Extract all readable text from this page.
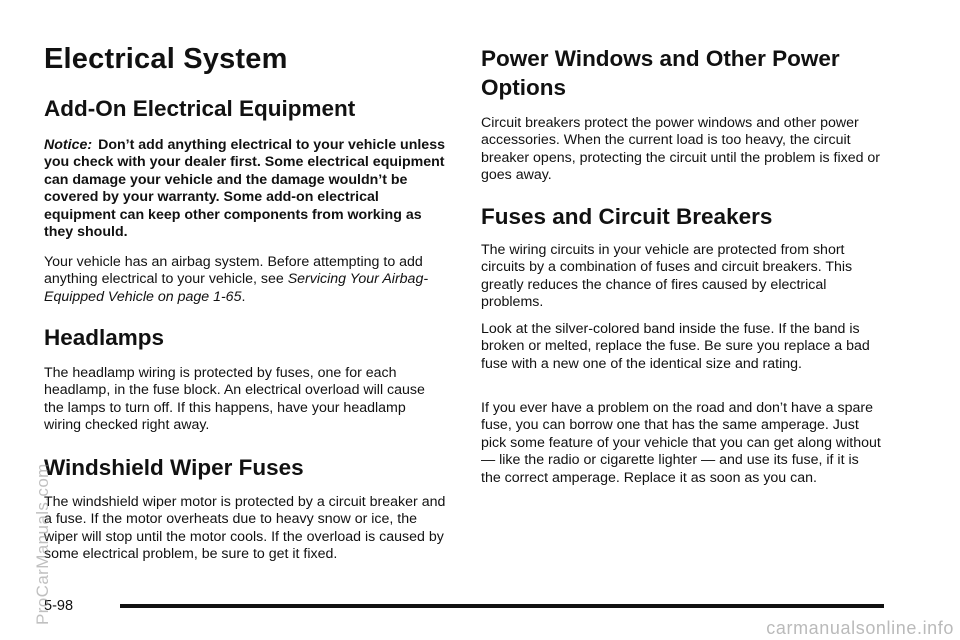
Electrical System
Add-On Electrical Equipment

Notice: Don’t add anything electrical to your vehicle unless you check with your dealer first. Some electrical equipment can damage your vehicle and the damage wouldn’t be covered by your warranty. Some add-on electrical equipment can keep other components from working as they should.

Your vehicle has an airbag system. Before attempting to add anything electrical to your vehicle, see Servicing Your Airbag-Equipped Vehicle on page 1-65.

Headlamps

The headlamp wiring is protected by fuses, one for each headlamp, in the fuse block. An electrical overload will cause the lamps to turn off. If this happens, have your headlamp wiring checked right away.

Windshield Wiper Fuses

The windshield wiper motor is protected by a circuit breaker and a fuse. If the motor overheats due to heavy snow or ice, the wiper will stop until the motor cools. If the overload is caused by some electrical problem, be sure to get it fixed.

Power Windows and Other Power
Options

Circuit breakers protect the power windows and other power accessories. When the current load is too heavy, the circuit breaker opens, protecting the circuit until the problem is fixed or goes away.

Fuses and Circuit Breakers

The wiring circuits in your vehicle are protected from short circuits by a combination of fuses and circuit breakers. This greatly reduces the chance of fires caused by electrical problems.

Look at the silver-colored band inside the fuse. If the band is broken or melted, replace the fuse. Be sure you replace a bad fuse with a new one of the identical size and rating.

If you ever have a problem on the road and don’t have a spare fuse, you can borrow one that has the same amperage. Just pick some feature of your vehicle that you can get along without — like the radio or cigarette lighter — and use its fuse, if it is the correct amperage. Replace it as soon as you can.

5-98
ProCarManuals.com
carmanualsonline.info
